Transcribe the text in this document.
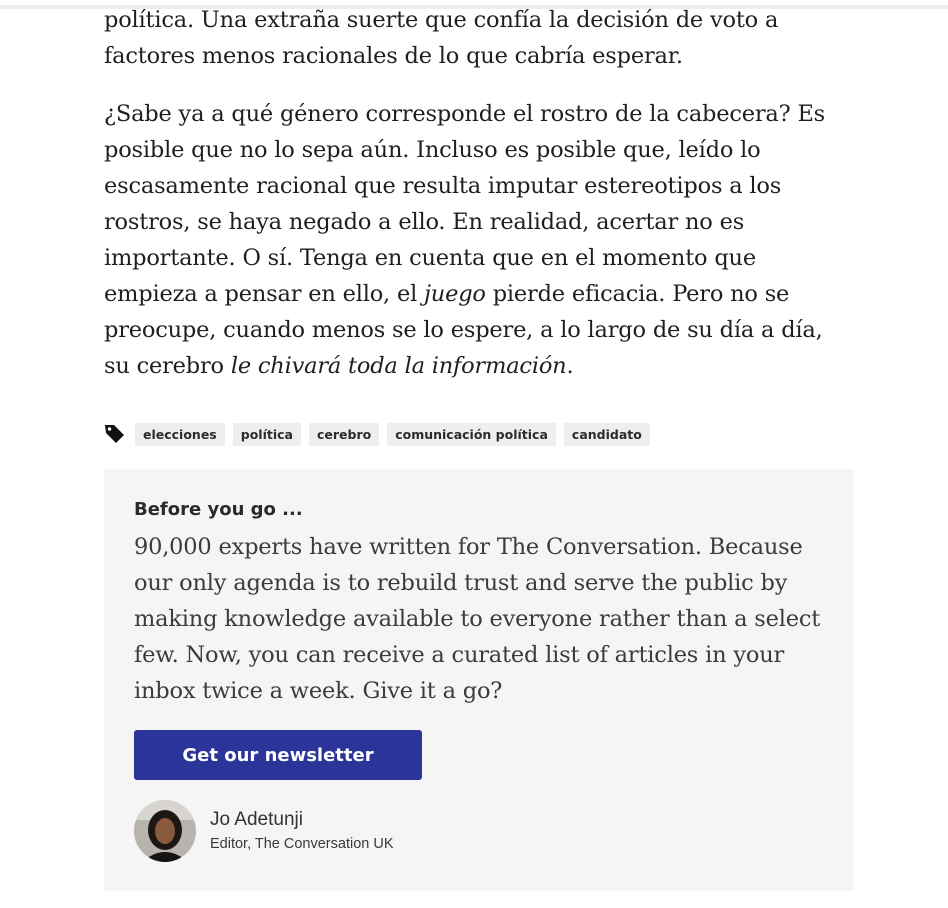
política. Una extraña suerte que confía la decisión de voto a factores menos racionales de lo que cabría esperar.

¿Sabe ya a qué género corresponde el rostro de la cabecera? Es posible que no lo sepa aún. Incluso es posible que, leído lo escasamente racional que resulta imputar estereotipos a los rostros, se haya negado a ello. En realidad, acertar no es importante. O sí. Tenga en cuenta que en el momento que empieza a pensar en ello, el juego pierde eficacia. Pero no se preocupe, cuando menos se lo espere, a lo largo de su día a día, su cerebro le chivará toda la información.

elecciones	política	cerebro	comunicación política	candidato
Before you go ...

90,000 experts have written for The Conversation. Because our only agenda is to rebuild trust and serve the public by making knowledge available to everyone rather than a select few. Now, you can receive a curated list of articles in your inbox twice a week. Give it a go?

Get our newsletter
Jo Adetunji
Editor, The Conversation UK
